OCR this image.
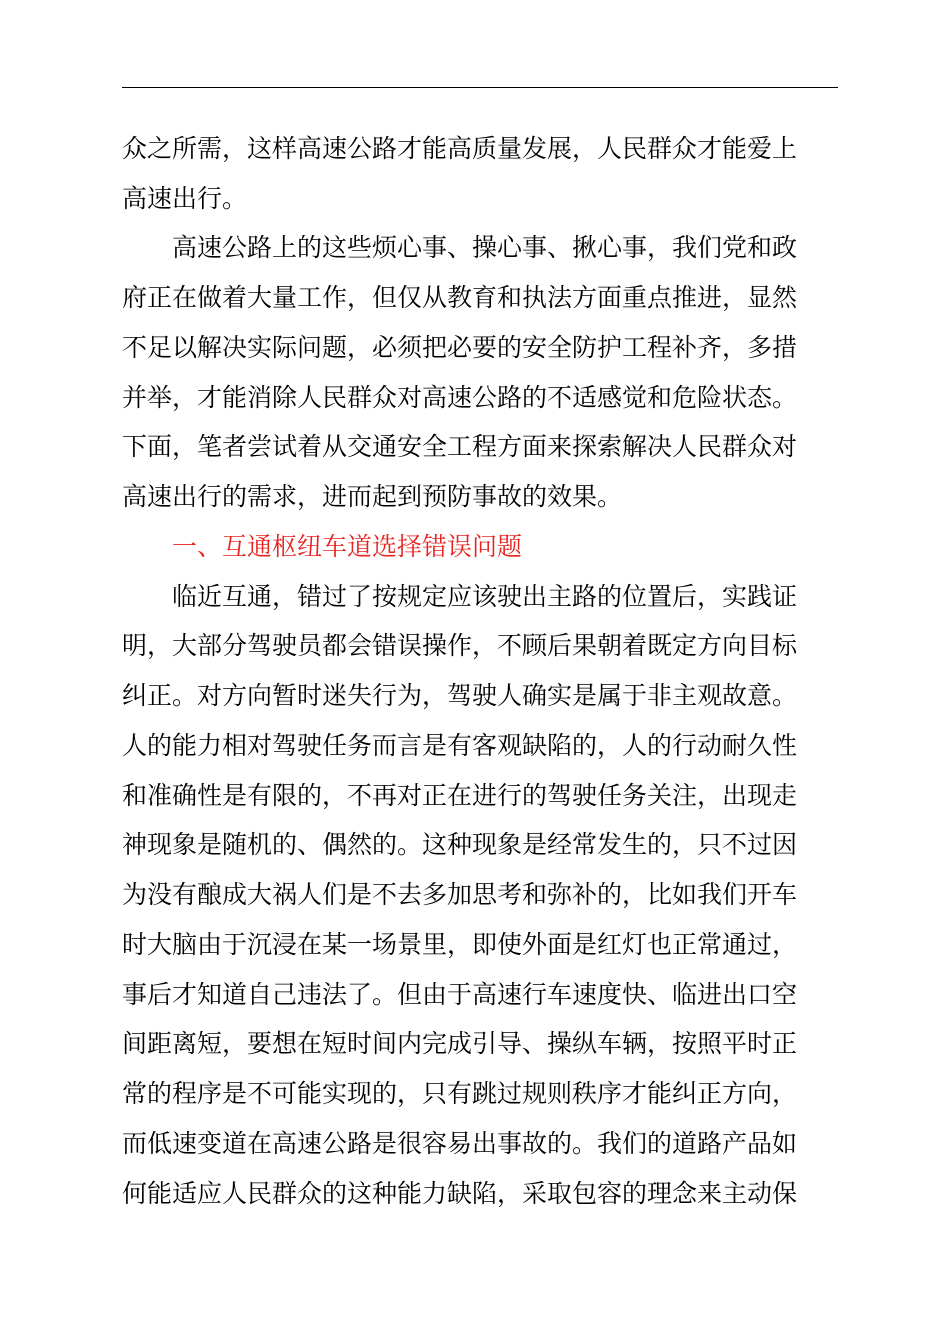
众之所需，这样高速公路才能高质量发展，人民群众才能爱上
高速出行。
高速公路上的这些烦心事、操心事、揪心事，我们党和政
府正在做着大量工作，但仅从教育和执法方面重点推进，显然
不足以解决实际问题，必须把必要的安全防护工程补齐，多措
并举，才能消除人民群众对高速公路的不适感觉和危险状态。
下面，笔者尝试着从交通安全工程方面来探索解决人民群众对
高速出行的需求，进而起到预防事故的效果。
一、互通枢纽车道选择错误问题
临近互通，错过了按规定应该驶出主路的位置后，实践证
明，大部分驾驶员都会错误操作，不顾后果朝着既定方向目标
纠正。对方向暂时迷失行为，驾驶人确实是属于非主观故意。
人的能力相对驾驶任务而言是有客观缺陷的，人的行动耐久性
和准确性是有限的，不再对正在进行的驾驶任务关注，出现走
神现象是随机的、偶然的。这种现象是经常发生的，只不过因
为没有酿成大祸人们是不去多加思考和弥补的，比如我们开车
时大脑由于沉浸在某一场景里，即使外面是红灯也正常通过，
事后才知道自己违法了。但由于高速行车速度快、临进出口空
间距离短，要想在短时间内完成引导、操纵车辆，按照平时正
常的程序是不可能实现的，只有跳过规则秩序才能纠正方向，
而低速变道在高速公路是很容易出事故的。我们的道路产品如
何能适应人民群众的这种能力缺陷，采取包容的理念来主动保
